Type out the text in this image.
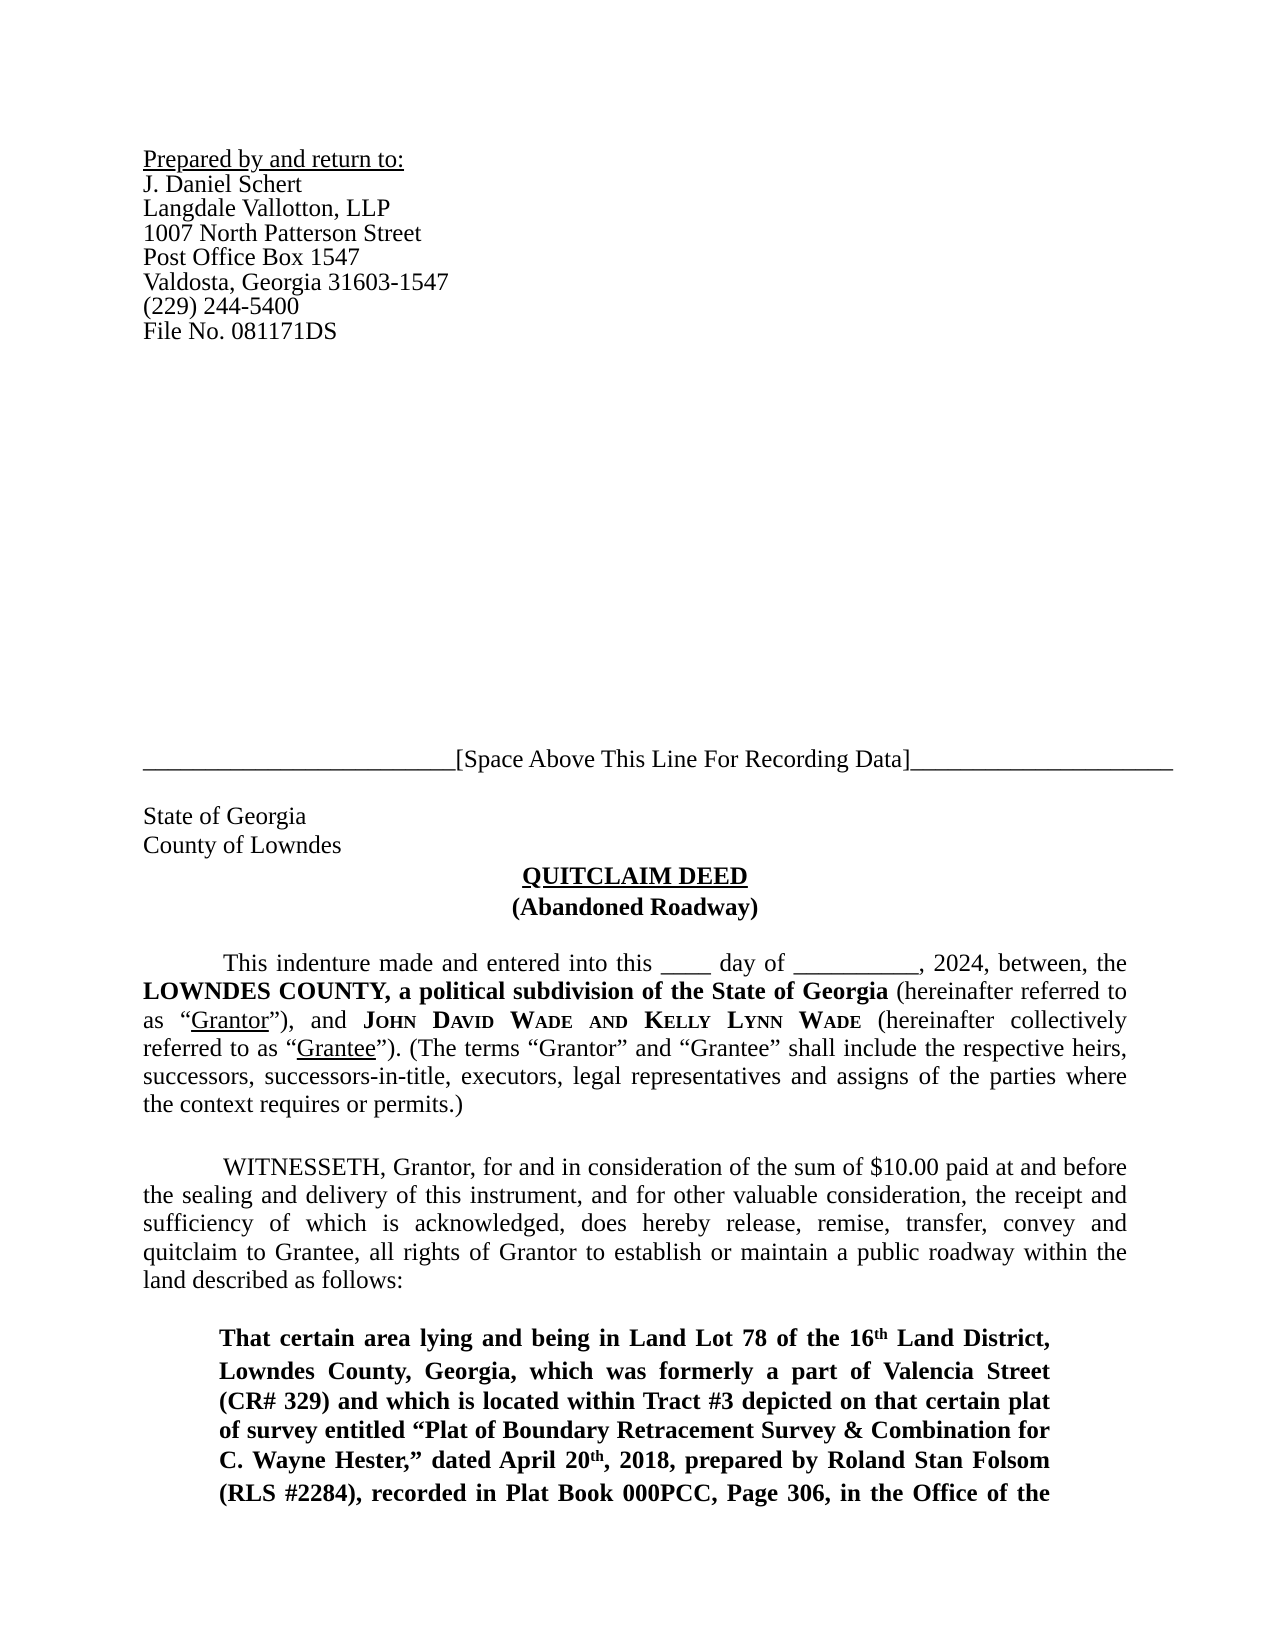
Prepared by and return to:
J. Daniel Schert
Langdale Vallotton, LLP
1007 North Patterson Street
Post Office Box 1547
Valdosta, Georgia 31603-1547
(229) 244-5400
File No. 081171DS
_________________________[Space Above This Line For Recording Data]_____________________
State of Georgia
County of Lowndes
QUITCLAIM DEED
(Abandoned Roadway)
This indenture made and entered into this ____ day of __________, 2024, between, the
LOWNDES COUNTY, a political subdivision of the State of Georgia (hereinafter referred to
as “Grantor”), and John David Wade and Kelly Lynn Wade (hereinafter collectively
referred to as “Grantee”). (The terms “Grantor” and “Grantee” shall include the respective heirs,
successors, successors-in-title, executors, legal representatives and assigns of the parties where
the context requires or permits.)
WITNESSETH, Grantor, for and in consideration of the sum of $10.00 paid at and before
the sealing and delivery of this instrument, and for other valuable consideration, the receipt and
sufficiency of which is acknowledged, does hereby release, remise, transfer, convey and
quitclaim to Grantee, all rights of Grantor to establish or maintain a public roadway within the
land described as follows:
That certain area lying and being in Land Lot 78 of the 16th Land District,
Lowndes County, Georgia, which was formerly a part of Valencia Street
(CR# 329) and which is located within Tract #3 depicted on that certain plat
of survey entitled “Plat of Boundary Retracement Survey & Combination for
C. Wayne Hester,” dated April 20th, 2018, prepared by Roland Stan Folsom
(RLS #2284), recorded in Plat Book 000PCC, Page 306, in the Office of the
